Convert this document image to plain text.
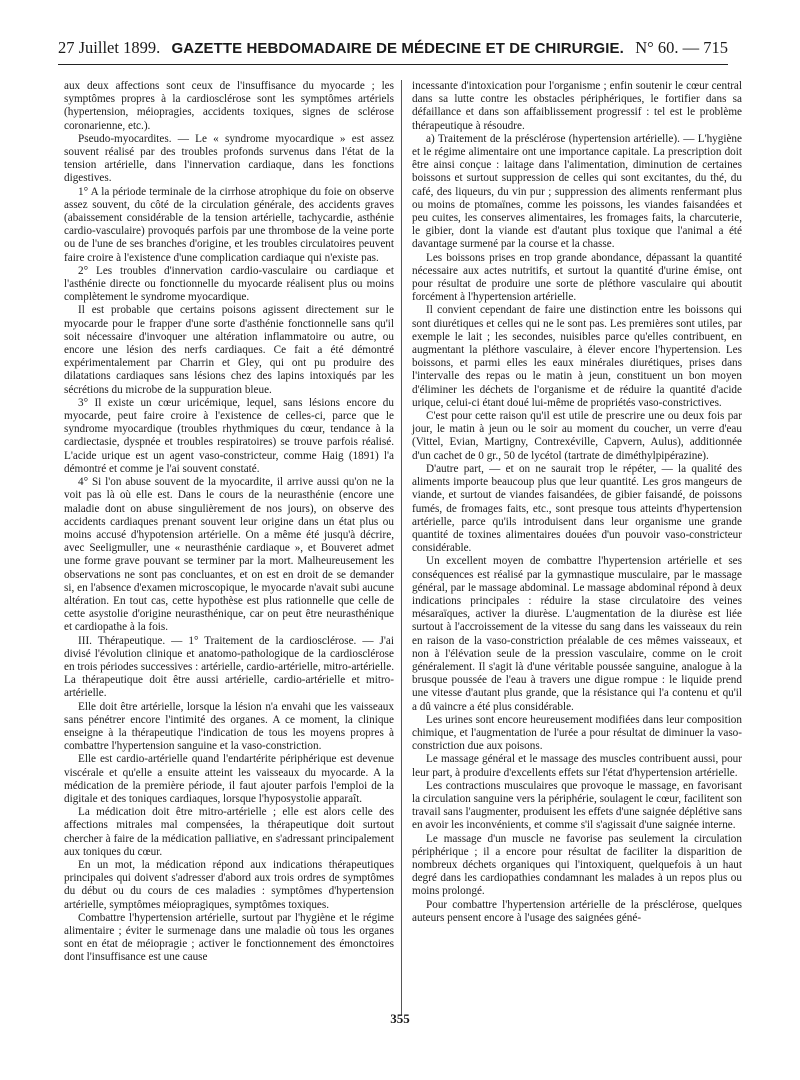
27 Juillet 1899. GAZETTE HEBDOMADAIRE DE MÉDECINE ET DE CHIRURGIE. N° 60. — 715

aux deux affections sont ceux de l'insuffisance du myocarde ; les symptômes propres à la cardiosclérose sont les symptômes artériels (hypertension, méiopragies, accidents toxiques, signes de sclérose coronarienne, etc.).

Pseudo-myocardites. — Le « syndrome myocardique » est assez souvent réalisé par des troubles profonds survenus dans l'état de la tension artérielle, dans l'innervation cardiaque, dans les fonctions digestives.

1° A la période terminale de la cirrhose atrophique du foie on observe assez souvent, du côté de la circulation générale, des accidents graves (abaissement considérable de la tension artérielle, tachycardie, asthénie cardio-vasculaire) provoqués parfois par une thrombose de la veine porte ou de l'une de ses branches d'origine, et les troubles circulatoires peuvent faire croire à l'existence d'une complication cardiaque qui n'existe pas.

2° Les troubles d'innervation cardio-vasculaire ou cardiaque et l'asthénie directe ou fonctionnelle du myocarde réalisent plus ou moins complètement le syndrome myocardique.

Il est probable que certains poisons agissent directement sur le myocarde pour le frapper d'une sorte d'asthénie fonctionnelle sans qu'il soit nécessaire d'invoquer une altération inflammatoire ou autre, ou encore une lésion des nerfs cardiaques. Ce fait a été démontré expérimentalement par Charrin et Gley, qui ont pu produire des dilatations cardiaques sans lésions chez des lapins intoxiqués par les sécrétions du microbe de la suppuration bleue.

3° Il existe un cœur uricémique, lequel, sans lésions encore du myocarde, peut faire croire à l'existence de celles-ci, parce que le syndrome myocardique (troubles rhythmiques du cœur, tendance à la cardiectasie, dyspnée et troubles respiratoires) se trouve parfois réalisé. L'acide urique est un agent vaso-constricteur, comme Haig (1891) l'a démontré et comme je l'ai souvent constaté.

4° Si l'on abuse souvent de la myocardite, il arrive aussi qu'on ne la voit pas là où elle est. Dans le cours de la neurasthénie (encore une maladie dont on abuse singulièrement de nos jours), on observe des accidents cardiaques prenant souvent leur origine dans un état plus ou moins accusé d'hypotension artérielle. On a même été jusqu'à décrire, avec Seeligmuller, une « neurasthénie cardiaque », et Bouveret admet une forme grave pouvant se terminer par la mort. Malheureusement les observations ne sont pas concluantes, et on est en droit de se demander si, en l'absence d'examen microscopique, le myocarde n'avait subi aucune altération. En tout cas, cette hypothèse est plus rationnelle que celle de cette asystolie d'origine neurasthénique, car on peut être neurasthénique et cardiopathe à la fois.

III. Thérapeutique. — 1° Traitement de la cardiosclérose. — J'ai divisé l'évolution clinique et anatomo-pathologique de la cardiosclérose en trois périodes successives : artérielle, cardio-artérielle, mitro-artérielle. La thérapeutique doit être aussi artérielle, cardio-artérielle et mitro-artérielle.

Elle doit être artérielle, lorsque la lésion n'a envahi que les vaisseaux sans pénétrer encore l'intimité des organes. A ce moment, la clinique enseigne à la thérapeutique l'indication de tous les moyens propres à combattre l'hypertension sanguine et la vaso-constriction.

Elle est cardio-artérielle quand l'endartérite périphérique est devenue viscérale et qu'elle a ensuite atteint les vaisseaux du myocarde. A la médication de la première période, il faut ajouter parfois l'emploi de la digitale et des toniques cardiaques, lorsque l'hyposystolie apparaît.

La médication doit être mitro-artérielle ; elle est alors celle des affections mitrales mal compensées, la thérapeutique doit surtout chercher à faire de la médication palliative, en s'adressant principalement aux toniques du cœur.

En un mot, la médication répond aux indications thérapeutiques principales qui doivent s'adresser d'abord aux trois ordres de symptômes du début ou du cours de ces maladies : symptômes d'hypertension artérielle, symptômes méiopragiques, symptômes toxiques.

Combattre l'hypertension artérielle, surtout par l'hygiène et le régime alimentaire ; éviter le surmenage dans une maladie où tous les organes sont en état de méiopragie ; activer le fonctionnement des émonctoires dont l'insuffisance est une cause

incessante d'intoxication pour l'organisme ; enfin soutenir le cœur central dans sa lutte contre les obstacles périphériques, le fortifier dans sa défaillance et dans son affaiblissement progressif : tel est le problème thérapeutique à résoudre.

a) Traitement de la présclérose (hypertension artérielle). — L'hygiène et le régime alimentaire ont une importance capitale. La prescription doit être ainsi conçue : laitage dans l'alimentation, diminution de certaines boissons et surtout suppression de celles qui sont excitantes, du thé, du café, des liqueurs, du vin pur ; suppression des aliments renfermant plus ou moins de ptomaïnes, comme les poissons, les viandes faisandées et peu cuites, les conserves alimentaires, les fromages faits, la charcuterie, le gibier, dont la viande est d'autant plus toxique que l'animal a été davantage surmené par la course et la chasse.

Les boissons prises en trop grande abondance, dépassant la quantité nécessaire aux actes nutritifs, et surtout la quantité d'urine émise, ont pour résultat de produire une sorte de pléthore vasculaire qui aboutit forcément à l'hypertension artérielle.

Il convient cependant de faire une distinction entre les boissons qui sont diurétiques et celles qui ne le sont pas. Les premières sont utiles, par exemple le lait ; les secondes, nuisibles parce qu'elles contribuent, en augmentant la pléthore vasculaire, à élever encore l'hypertension. Les boissons, et parmi elles les eaux minérales diurétiques, prises dans l'intervalle des repas ou le matin à jeun, constituent un bon moyen d'éliminer les déchets de l'organisme et de réduire la quantité d'acide urique, celui-ci étant doué lui-même de propriétés vaso-constrictives.

C'est pour cette raison qu'il est utile de prescrire une ou deux fois par jour, le matin à jeun ou le soir au moment du coucher, un verre d'eau (Vittel, Evian, Martigny, Contrexéville, Capvern, Aulus), additionnée d'un cachet de 0 gr., 50 de lycétol (tartrate de diméthylpipérazine).

D'autre part, — et on ne saurait trop le répéter, — la qualité des aliments importe beaucoup plus que leur quantité. Les gros mangeurs de viande, et surtout de viandes faisandées, de gibier faisandé, de poissons fumés, de fromages faits, etc., sont presque tous atteints d'hypertension artérielle, parce qu'ils introduisent dans leur organisme une grande quantité de toxines alimentaires douées d'un pouvoir vaso-constricteur considérable.

Un excellent moyen de combattre l'hypertension artérielle et ses conséquences est réalisé par la gymnastique musculaire, par le massage général, par le massage abdominal. Le massage abdominal répond à deux indications principales : réduire la stase circulatoire des veines mésaraïques, activer la diurèse. L'augmentation de la diurèse est liée surtout à l'accroissement de la vitesse du sang dans les vaisseaux du rein en raison de la vaso-constriction préalable de ces mêmes vaisseaux, et non à l'élévation seule de la pression vasculaire, comme on le croit généralement. Il s'agit là d'une véritable poussée sanguine, analogue à la brusque poussée de l'eau à travers une digue rompue : le liquide prend une vitesse d'autant plus grande, que la résistance qui l'a contenu et qu'il a dû vaincre a été plus considérable.

Les urines sont encore heureusement modifiées dans leur composition chimique, et l'augmentation de l'urée a pour résultat de diminuer la vaso-constriction due aux poisons.

Le massage général et le massage des muscles contribuent aussi, pour leur part, à produire d'excellents effets sur l'état d'hypertension artérielle.

Les contractions musculaires que provoque le massage, en favorisant la circulation sanguine vers la périphérie, soulagent le cœur, facilitent son travail sans l'augmenter, produisent les effets d'une saignée déplétive sans en avoir les inconvénients, et comme s'il s'agissait d'une saignée interne.

Le massage d'un muscle ne favorise pas seulement la circulation périphérique ; il a encore pour résultat de faciliter la disparition de nombreux déchets organiques qui l'intoxiquent, quelquefois à un haut degré dans les cardiopathies condamnant les malades à un repos plus ou moins prolongé.

Pour combattre l'hypertension artérielle de la présclérose, quelques auteurs pensent encore à l'usage des saignées géné-

355
